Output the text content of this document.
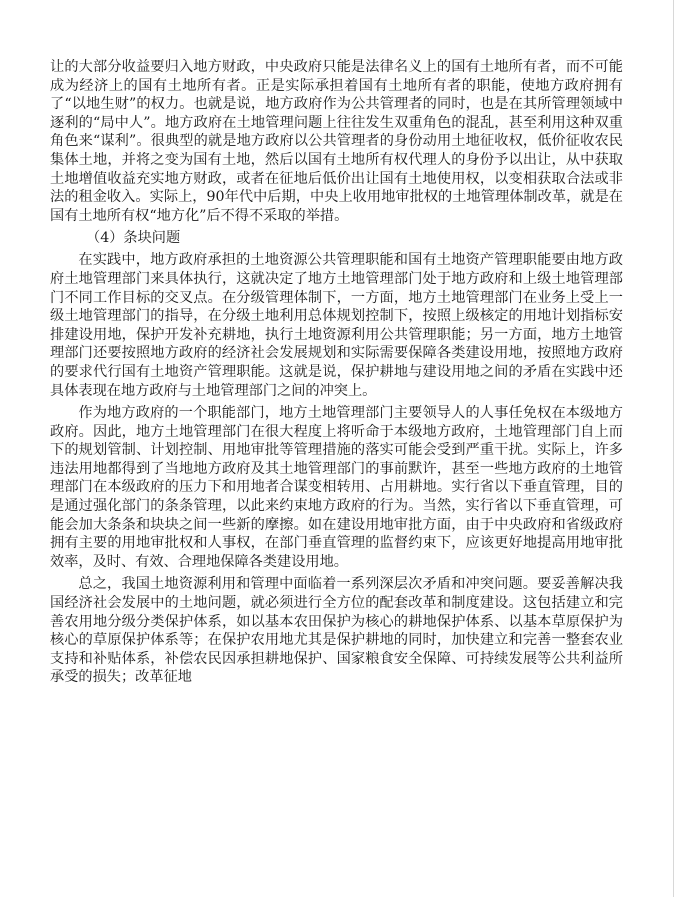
让的大部分收益要归入地方财政，中央政府只能是法律名义上的国有土地所有者，而不可能成为经济上的国有土地所有者。正是实际承担着国有土地所有者的职能，使地方政府拥有了“以地生财”的权力。也就是说，地方政府作为公共管理者的同时，也是在其所管理领域中逐利的“局中人”。地方政府在土地管理问题上往往发生双重角色的混乱，甚至利用这种双重角色来“谋利”。很典型的就是地方政府以公共管理者的身份动用土地征收权，低价征收农民集体土地，并将之变为国有土地，然后以国有土地所有权代理人的身份予以出让，从中获取土地增值收益充实地方财政，或者在征地后低价出让国有土地使用权，以变相获取合法或非法的租金收入。实际上，90年代中后期，中央上收用地审批权的土地管理体制改革，就是在国有土地所有权“地方化”后不得不采取的举措。

（4）条块问题

在实践中，地方政府承担的土地资源公共管理职能和国有土地资产管理职能要由地方政府土地管理部门来具体执行，这就决定了地方土地管理部门处于地方政府和上级土地管理部门不同工作目标的交叉点。在分级管理体制下，一方面，地方土地管理部门在业务上受上一级土地管理部门的指导，在分级土地利用总体规划控制下，按照上级核定的用地计划指标安排建设用地，保护开发补充耕地，执行土地资源利用公共管理职能；另一方面，地方土地管理部门还要按照地方政府的经济社会发展规划和实际需要保障各类建设用地，按照地方政府的要求代行国有土地资产管理职能。这就是说，保护耕地与建设用地之间的矛盾在实践中还具体表现在地方政府与土地管理部门之间的冲突上。

作为地方政府的一个职能部门，地方土地管理部门主要领导人的人事任免权在本级地方政府。因此，地方土地管理部门在很大程度上将听命于本级地方政府，土地管理部门自上而下的规划管制、计划控制、用地审批等管理措施的落实可能会受到严重干扰。实际上，许多违法用地都得到了当地地方政府及其土地管理部门的事前默许，甚至一些地方政府的土地管理部门在本级政府的压力下和用地者合谋变相转用、占用耕地。实行省以下垂直管理，目的是通过强化部门的条条管理，以此来约束地方政府的行为。当然，实行省以下垂直管理，可能会加大条条和块块之间一些新的摩擦。如在建设用地审批方面，由于中央政府和省级政府拥有主要的用地审批权和人事权，在部门垂直管理的监督约束下，应该更好地提高用地审批效率，及时、有效、合理地保障各类建设用地。

总之，我国土地资源利用和管理中面临着一系列深层次矛盾和冲突问题。要妥善解决我国经济社会发展中的土地问题，就必须进行全方位的配套改革和制度建设。这包括建立和完善农用地分级分类保护体系，如以基本农田保护为核心的耕地保护体系、以基本草原保护为核心的草原保护体系等；在保护农用地尤其是保护耕地的同时，加快建立和完善一整套农业支持和补贴体系，补偿农民因承担耕地保护、国家粮食安全保障、可持续发展等公共利益所承受的损失；改革征地
